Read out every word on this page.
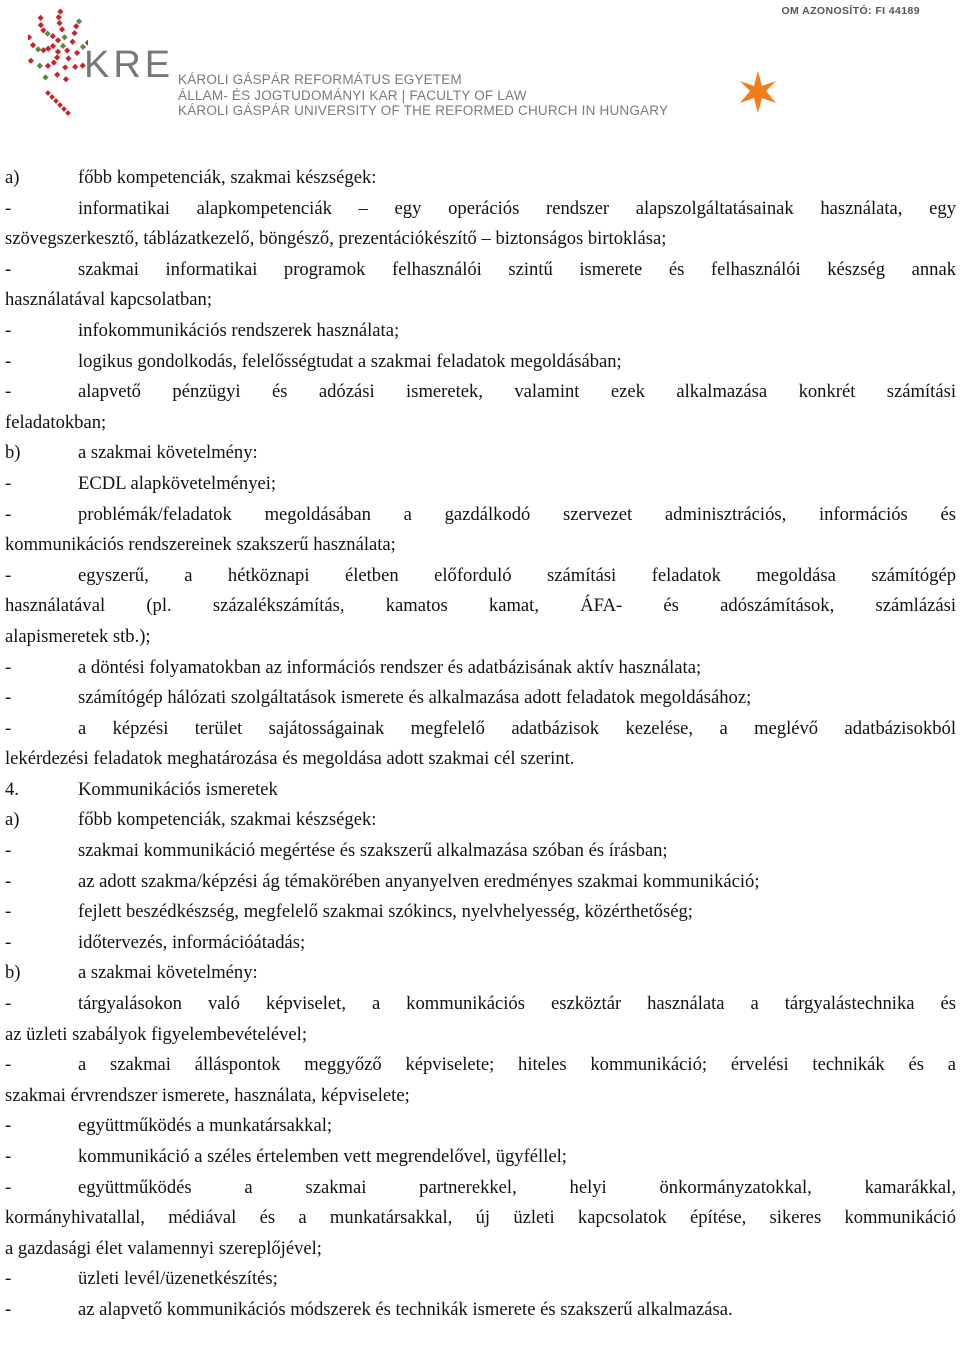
KRE KÁROLI GÁSPÁR REFORMÁTUS EGYETEM
ÁLLAM- ÉS JOGTUDOMÁNYI KAR | FACULTY OF LAW
KÁROLI GÁSPÁR UNIVERSITY OF THE REFORMED CHURCH IN HUNGARY
OM AZONOSÍTÓ: FI 44189
a)	főbb kompetenciák, szakmai készségek:
-	informatikai alapkompetenciák – egy operációs rendszer alapszolgáltatásainak használata, egy
szövegszerkesztő, táblázatkezelő, böngésző, prezentációkészítő – biztonságos birtoklása;
-	szakmai informatikai programok felhasználói szintű ismerete és felhasználói készség annak
használatával kapcsolatban;
-	infokommunikációs rendszerek használata;
-	logikus gondolkodás, felelősségtudat a szakmai feladatok megoldásában;
-	alapvető pénzügyi és adózási ismeretek, valamint ezek alkalmazása konkrét számítási
feladatokban;
b)	a szakmai követelmény:
-	ECDL alapkövetelményei;
-	problémák/feladatok megoldásában a gazdálkodó szervezet adminisztrációs, információs és
kommunikációs rendszereinek szakszerű használata;
-	egyszerű, a hétköznapi életben előforduló számítási feladatok megoldása számítógép
használatával (pl. százalékszámítás, kamatos kamat, ÁFA- és adószámítások, számlázási
alapismeretek stb.);
-	a döntési folyamatokban az információs rendszer és adatbázisának aktív használata;
-	számítógép hálózati szolgáltatások ismerete és alkalmazása adott feladatok megoldásához;
-	a képzési terület sajátosságainak megfelelő adatbázisok kezelése, a meglévő adatbázisokból
lekérdezési feladatok meghatározása és megoldása adott szakmai cél szerint.
4.	Kommunikációs ismeretek
a)	főbb kompetenciák, szakmai készségek:
-	szakmai kommunikáció megértése és szakszerű alkalmazása szóban és írásban;
-	az adott szakma/képzési ág témakörében anyanyelven eredményes szakmai kommunikáció;
-	fejlett beszédkészség, megfelelő szakmai szókincs, nyelvhelyesség, közérthetőség;
-	időtervezés, információátadás;
b)	a szakmai követelmény:
-	tárgyalásokon való képviselet, a kommunikációs eszköztár használata a tárgyalástechnika és
az üzleti szabályok figyelembevételével;
-	a szakmai álláspontok meggyőző képviselete; hiteles kommunikáció; érvelési technikák és a
szakmai érvrendszer ismerete, használata, képviselete;
-	együttműködés a munkatársakkal;
-	kommunikáció a széles értelemben vett megrendelővel, ügyféllel;
-	együttműködés a szakmai partnerekkel, helyi önkormányzatokkal, kamarákkal,
kormányhivatallal, médiával és a munkatársakkal, új üzleti kapcsolatok építése, sikeres kommunikáció
a gazdasági élet valamennyi szereplőjével;
-	üzleti levél/üzenetkészítés;
-	az alapvető kommunikációs módszerek és technikák ismerete és szakszerű alkalmazása.
